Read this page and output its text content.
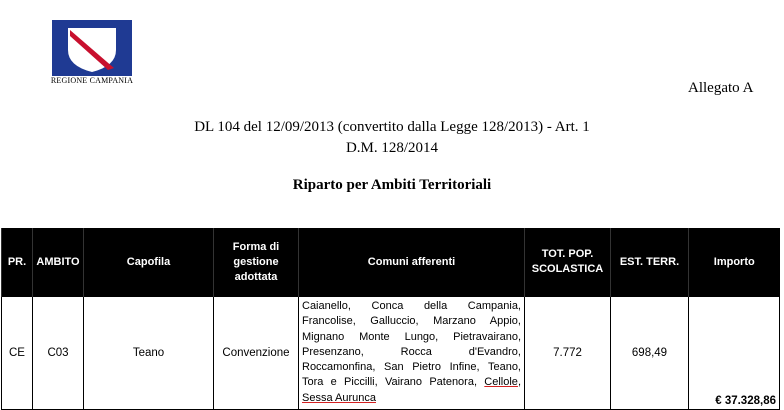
REGIONE CAMPANIA	Allegato A
DL 104 del 12/09/2013 (convertito dalla Legge 128/2013) - Art. 1
D.M. 128/2014
Riparto per Ambiti Territoriali
PR.	AMBITO	Capofila	Forma di gestione adottata	Comuni afferenti	TOT. POP. SCOLASTICA	EST. TERR.	Importo
CE	C03	Teano	Convenzione	Caianello, Conca della Campania, Francolise, Galluccio, Marzano Appio, Mignano Monte Lungo, Pietravairano, Presenzano, Rocca d'Evandro, Roccamonfina, San Pietro Infine, Teano, Tora e Piccilli, Vairano Patenora, Cellole, Sessa Aurunca	7.772	698,49	€ 37.328,86
